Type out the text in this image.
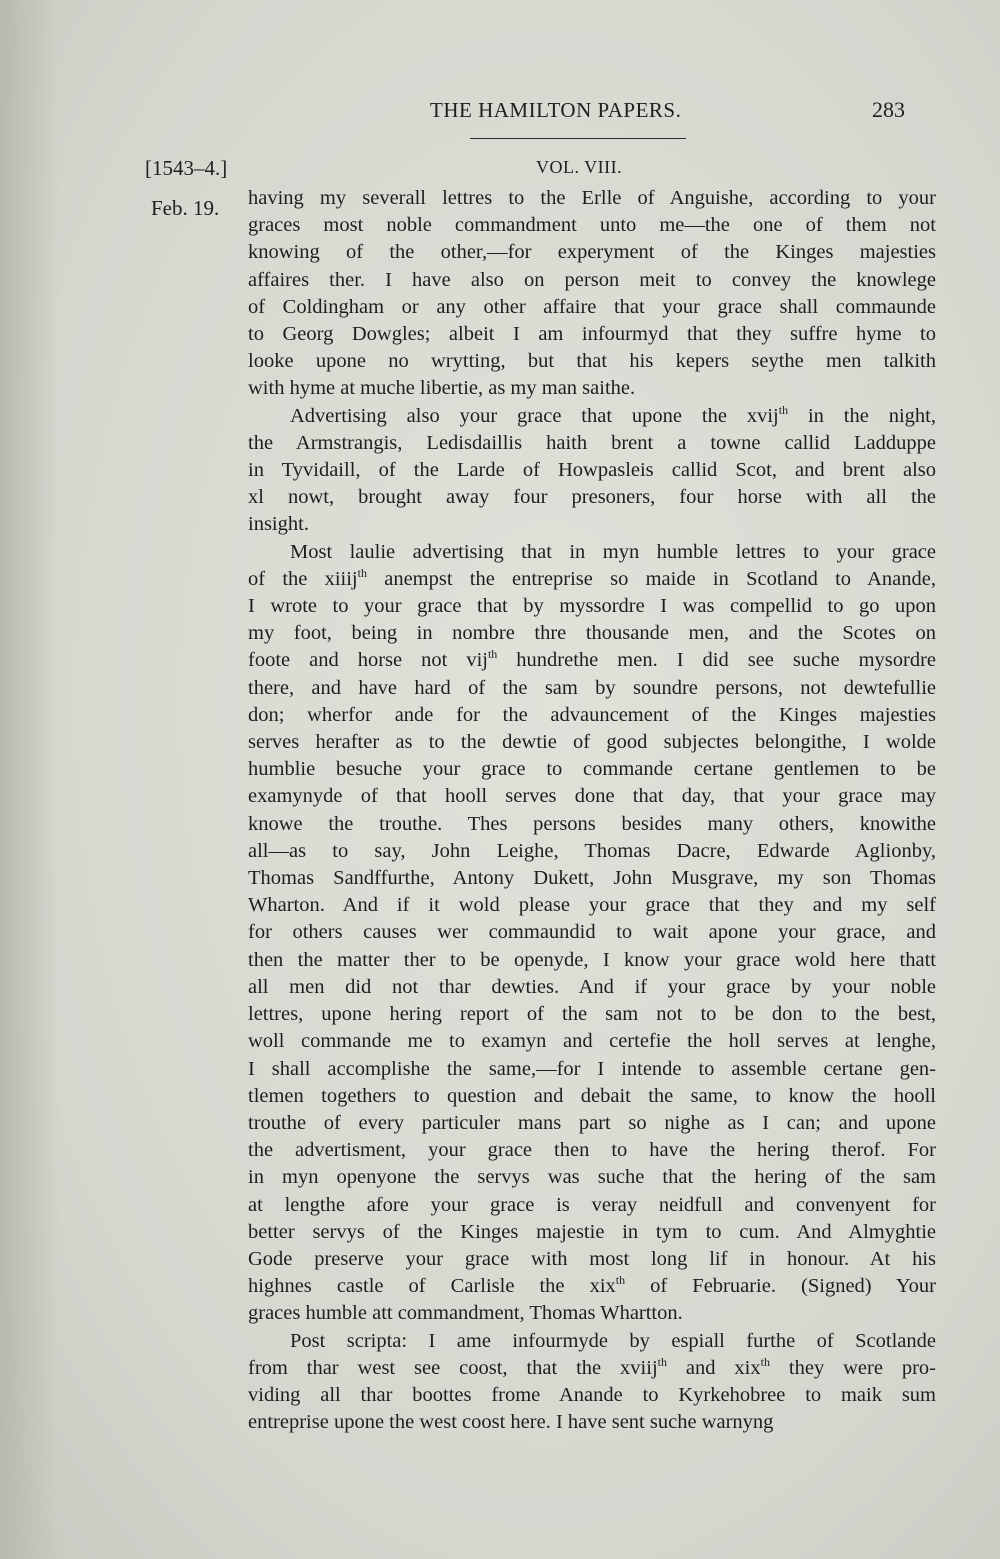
THE HAMILTON PAPERS.	283
[1543–4.]	VOL. VIII.
Feb. 19. having my severall lettres to the Erlle of Anguishe, according to your
graces most noble commandment unto me—the one of them not
knowing of the other,—for experyment of the Kinges majesties
affaires ther. I have also on person meit to convey the knowlege
of Coldingham or any other affaire that your grace shall commaunde
to Georg Dowgles; albeit I am infourmyd that they suffre hyme to
looke upone no wrytting, but that his kepers seythe men talkith
with hyme at muche libertie, as my man saithe.
Advertising also your grace that upone the xvij$^{th}$ in the night,
the Armstrangis, Ledisdaillis haith brent a towne callid Ladduppe
in Tyvidaill, of the Larde of Howpasleis callid Scot, and brent also
xl nowt, brought away four presoners, four horse with all the
insight.
Most laulie advertising that in myn humble lettres to your grace
of the xiiij$^{th}$ anempst the entreprise so maide in Scotland to Anande,
I wrote to your grace that by myssordre I was compellid to go upon
my foot, being in nombre thre thousande men, and the Scotes on
foote and horse not vij$^{th}$ hundrethe men. I did see suche mysordre
there, and have hard of the sam by soundre persons, not dewtefullie
don; wherfor ande for the advauncement of the Kinges majesties
serves herafter as to the dewtie of good subjectes belongithe, I wolde
humblie besuche your grace to commande certane gentlemen to be
examynyde of that hooll serves done that day, that your grace may
knowe the trouthe. Thes persons besides many others, knowithe
all—as to say, John Leighe, Thomas Dacre, Edwarde Aglionby,
Thomas Sandffurthe, Antony Dukett, John Musgrave, my son Thomas
Wharton. And if it wold please your grace that they and my self
for others causes wer commaundid to wait apone your grace, and
then the matter ther to be openyde, I know your grace wold here thatt
all men did not thar dewties. And if your grace by your noble
lettres, upone hering report of the sam not to be don to the best,
woll commande me to examyn and certefie the holl serves at lenghe,
I shall accomplishe the same,—for I intende to assemble certane gen-
tlemen togethers to question and debait the same, to know the hooll
trouthe of every particuler mans part so nighe as I can; and upone
the advertisment, your grace then to have the hering therof. For
in myn openyone the servys was suche that the hering of the sam
at lengthe afore your grace is veray neidfull and convenyent for
better servys of the Kinges majestie in tym to cum. And Almyghtie
Gode preserve your grace with most long lif in honour. At his
highnes castle of Carlisle the xix$^{th}$ of Februarie. (Signed) Your
graces humble att commandment, Thomas Whartton.
Post scripta: I ame infourmyde by espiall furthe of Scotlande
from thar west see coost, that the xviij$^{th}$ and xix$^{th}$ they were pro-
viding all thar boottes frome Anande to Kyrkehobree to maik sum
entreprise upone the west coost here. I have sent suche warnyng
